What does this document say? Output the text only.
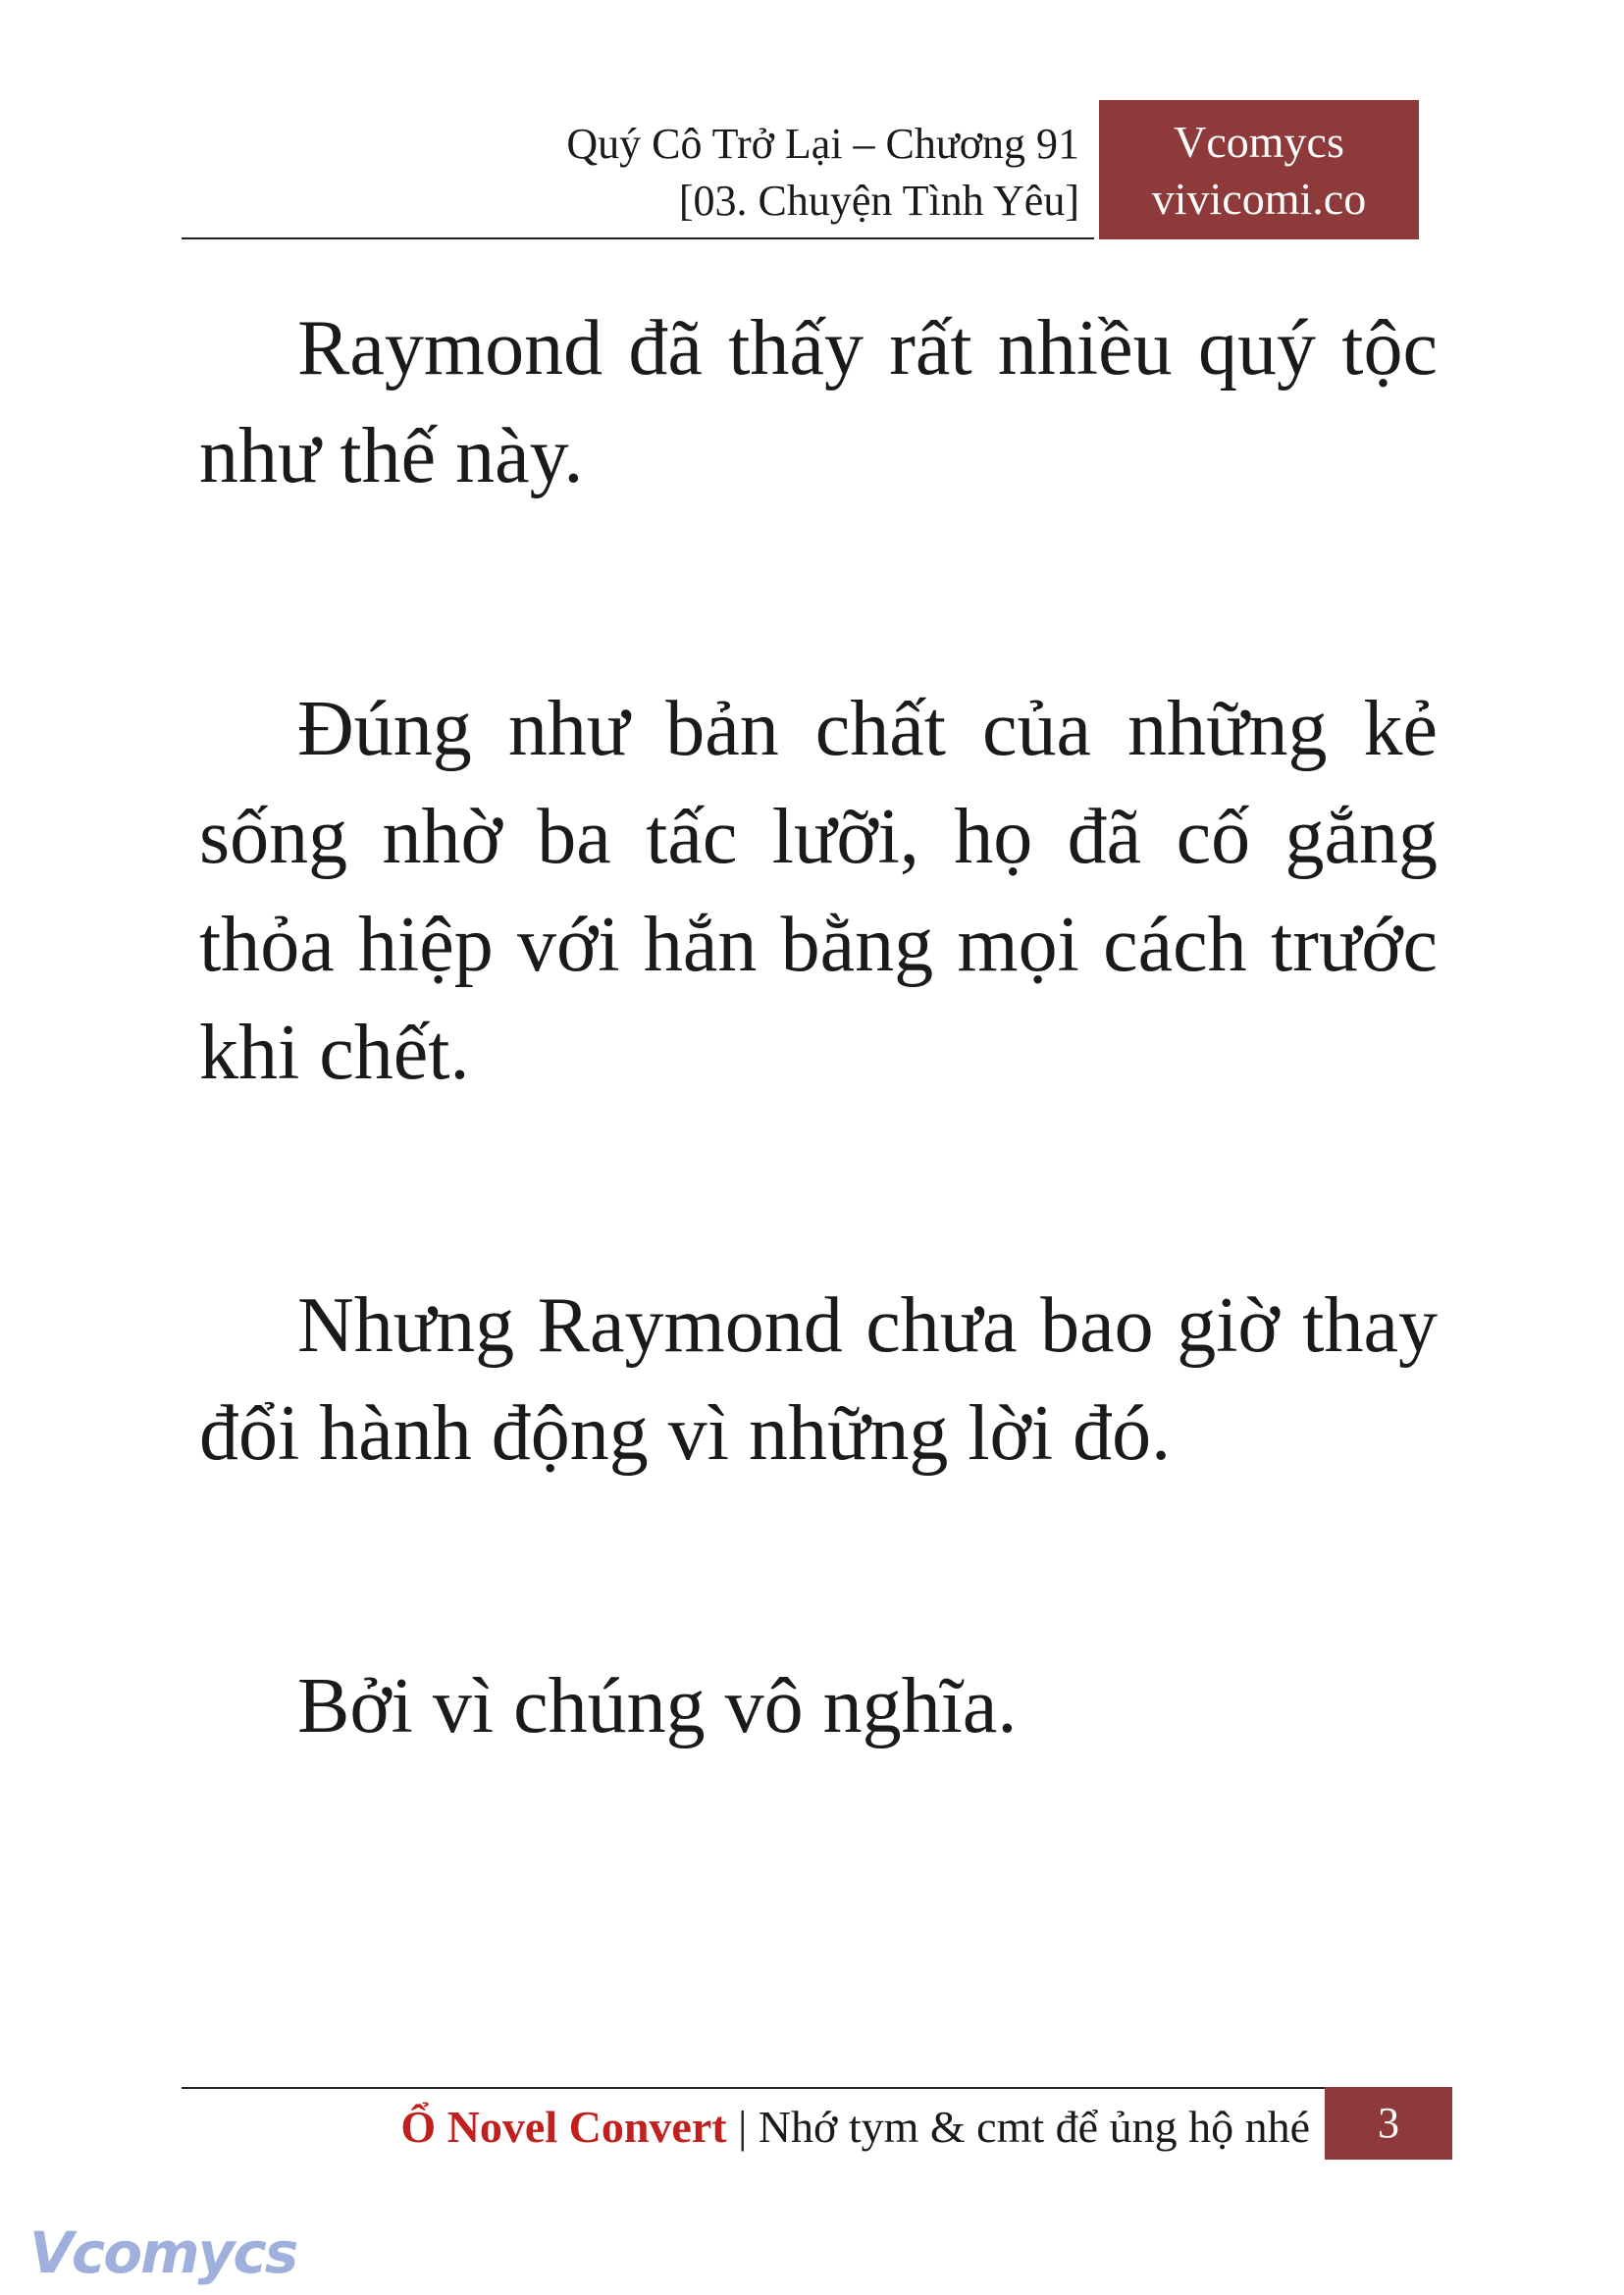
Quý Cô Trở Lại – Chương 91
[03. Chuyện Tình Yêu]
Vcomycs
vivicomi.co

Raymond đã thấy rất nhiều quý tộc như thế này.

Đúng như bản chất của những kẻ sống nhờ ba tấc lưỡi, họ đã cố gắng thỏa hiệp với hắn bằng mọi cách trước khi chết.

Nhưng Raymond chưa bao giờ thay đổi hành động vì những lời đó.

Bởi vì chúng vô nghĩa.

Ổ Novel Convert | Nhớ tym & cmt để ủng hộ nhé	3
Vcomycs
